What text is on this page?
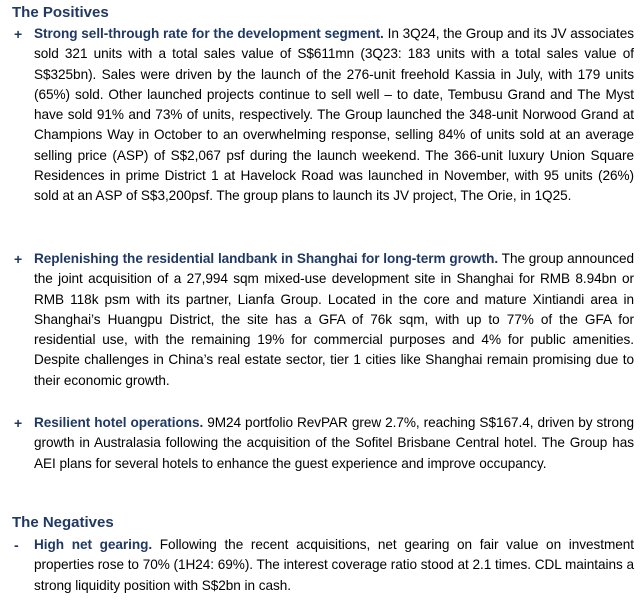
The Positives
+ Strong sell-through rate for the development segment. In 3Q24, the Group and its JV associates sold 321 units with a total sales value of S$611mn (3Q23: 183 units with a total sales value of S$325bn). Sales were driven by the launch of the 276-unit freehold Kassia in July, with 179 units (65%) sold. Other launched projects continue to sell well – to date, Tembusu Grand and The Myst have sold 91% and 73% of units, respectively. The Group launched the 348-unit Norwood Grand at Champions Way in October to an overwhelming response, selling 84% of units sold at an average selling price (ASP) of S$2,067 psf during the launch weekend. The 366-unit luxury Union Square Residences in prime District 1 at Havelock Road was launched in November, with 95 units (26%) sold at an ASP of S$3,200psf. The group plans to launch its JV project, The Orie, in 1Q25.

+ Replenishing the residential landbank in Shanghai for long-term growth. The group announced the joint acquisition of a 27,994 sqm mixed-use development site in Shanghai for RMB 8.94bn or RMB 118k psm with its partner, Lianfa Group. Located in the core and mature Xintiandi area in Shanghai’s Huangpu District, the site has a GFA of 76k sqm, with up to 77% of the GFA for residential use, with the remaining 19% for commercial purposes and 4% for public amenities. Despite challenges in China’s real estate sector, tier 1 cities like Shanghai remain promising due to their economic growth.

+ Resilient hotel operations. 9M24 portfolio RevPAR grew 2.7%, reaching S$167.4, driven by strong growth in Australasia following the acquisition of the Sofitel Brisbane Central hotel. The Group has AEI plans for several hotels to enhance the guest experience and improve occupancy.

The Negatives
-	High net gearing. Following the recent acquisitions, net gearing on fair value on investment properties rose to 70% (1H24: 69%). The interest coverage ratio stood at 2.1 times. CDL maintains a strong liquidity position with S$2bn in cash.
